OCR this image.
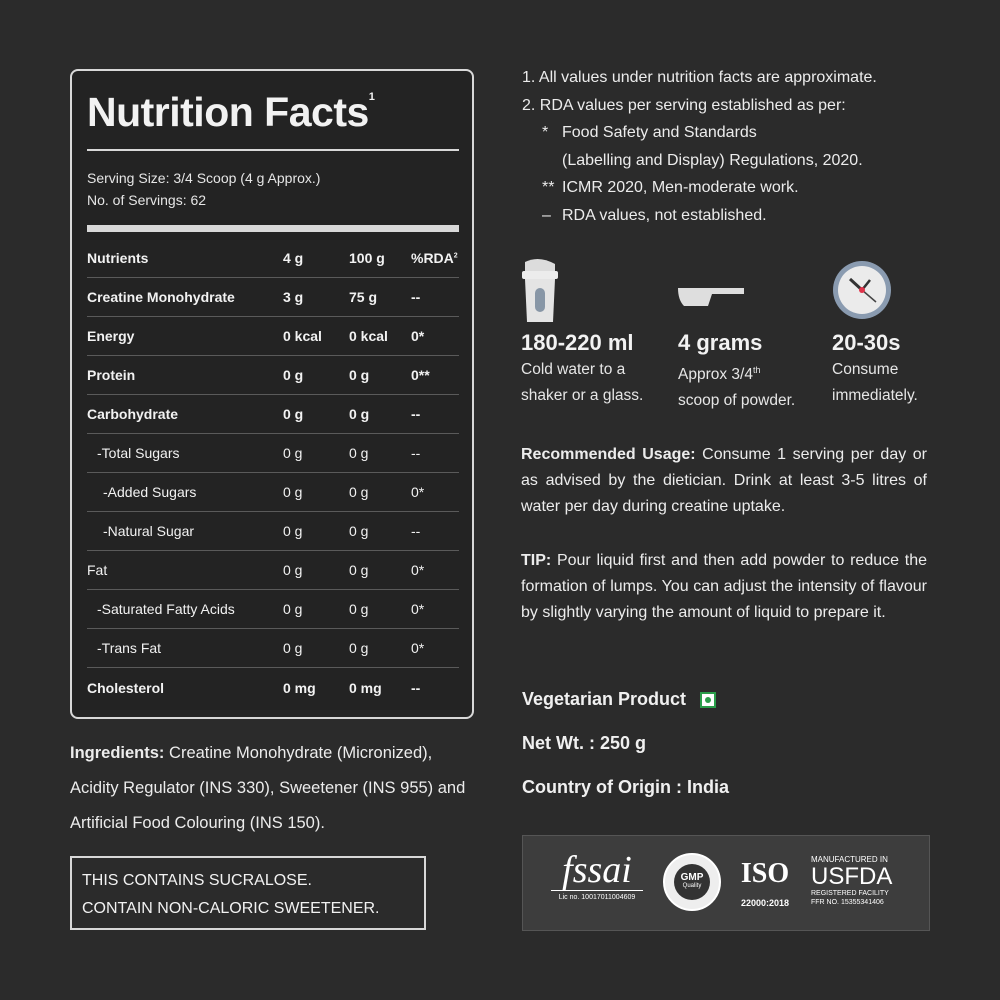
Nutrition Facts$^1$
Serving Size: 3/4 Scoop (4 g Approx.)
No. of Servings: 62
Nutrients	4 g	100 g	%RDA$^2$
Creatine Monohydrate	3 g	75 g	--
Energy	0 kcal	0 kcal	0*
Protein	0 g	0 g	0**
Carbohydrate	0 g	0 g	--
-Total Sugars	0 g	0 g	--
-Added Sugars	0 g	0 g	0*
-Natural Sugar	0 g	0 g	--
Fat	0 g	0 g	0*
-Saturated Fatty Acids	0 g	0 g	0*
-Trans Fat	0 g	0 g	0*
Cholesterol	0 mg	0 mg	--
Ingredients: Creatine Monohydrate (Micronized), Acidity Regulator (INS 330), Sweetener (INS 955) and Artificial Food Colouring (INS 150).
THIS CONTAINS SUCRALOSE.
CONTAIN NON-CALORIC SWEETENER.
1. All values under nutrition facts are approximate.
2. RDA values per serving established as per:
* Food Safety and Standards
(Labelling and Display) Regulations, 2020.
** ICMR 2020, Men-moderate work.
– RDA values, not established.
180-220 ml
Cold water to a
shaker or a glass.
4 grams
Approx 3/4th
scoop of powder.
20-30s
Consume
immediately.
Recommended Usage: Consume 1 serving per day or as advised by the dietician. Drink at least 3-5 litres of water per day during creatine uptake.
TIP: Pour liquid first and then add powder to reduce the formation of lumps. You can adjust the intensity of flavour by slightly varying the amount of liquid to prepare it.
Vegetarian Product
Net Wt. : 250 g
Country of Origin : India
fssai
Lic no. 10017011004609
GMP
Quality	ISO
22000:2018
MANUFACTURED IN
USFDA
REGISTERED FACILITY
FFR NO. 15355341406
